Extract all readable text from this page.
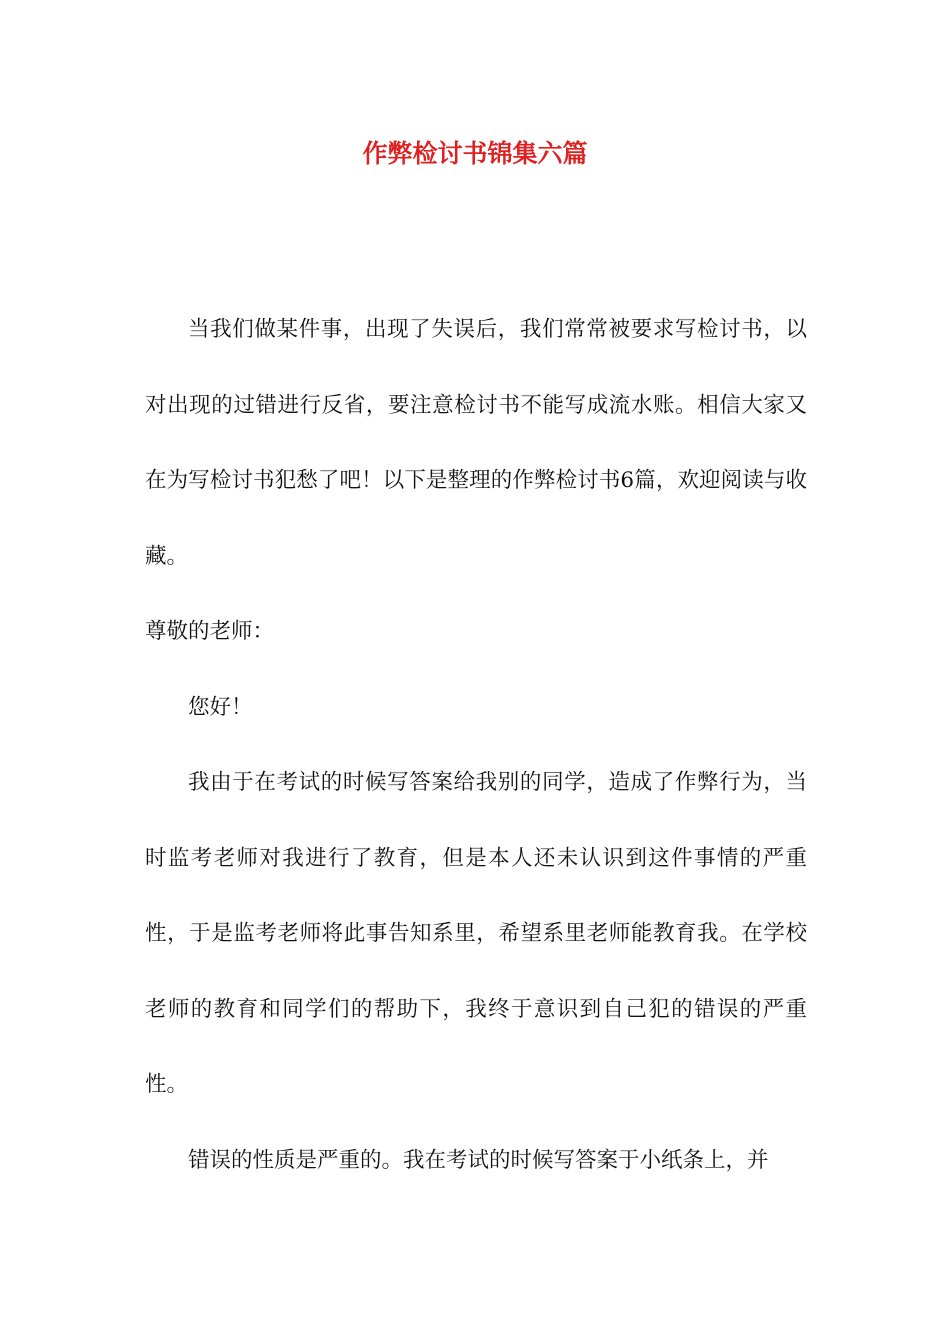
作弊检讨书锦集六篇

当我们做某件事，出现了失误后，我们常常被要求写检讨书，以对出现的过错进行反省，要注意检讨书不能写成流水账。相信大家又在为写检讨书犯愁了吧！以下是整理的作弊检讨书6篇，欢迎阅读与收藏。

尊敬的老师：

您好！

我由于在考试的时候写答案给我别的同学，造成了作弊行为，当时监考老师对我进行了教育，但是本人还未认识到这件事情的严重性，于是监考老师将此事告知系里，希望系里老师能教育我。在学校老师的教育和同学们的帮助下，我终于意识到自己犯的错误的严重性。

错误的性质是严重的。我在考试的时候写答案于小纸条上，并
